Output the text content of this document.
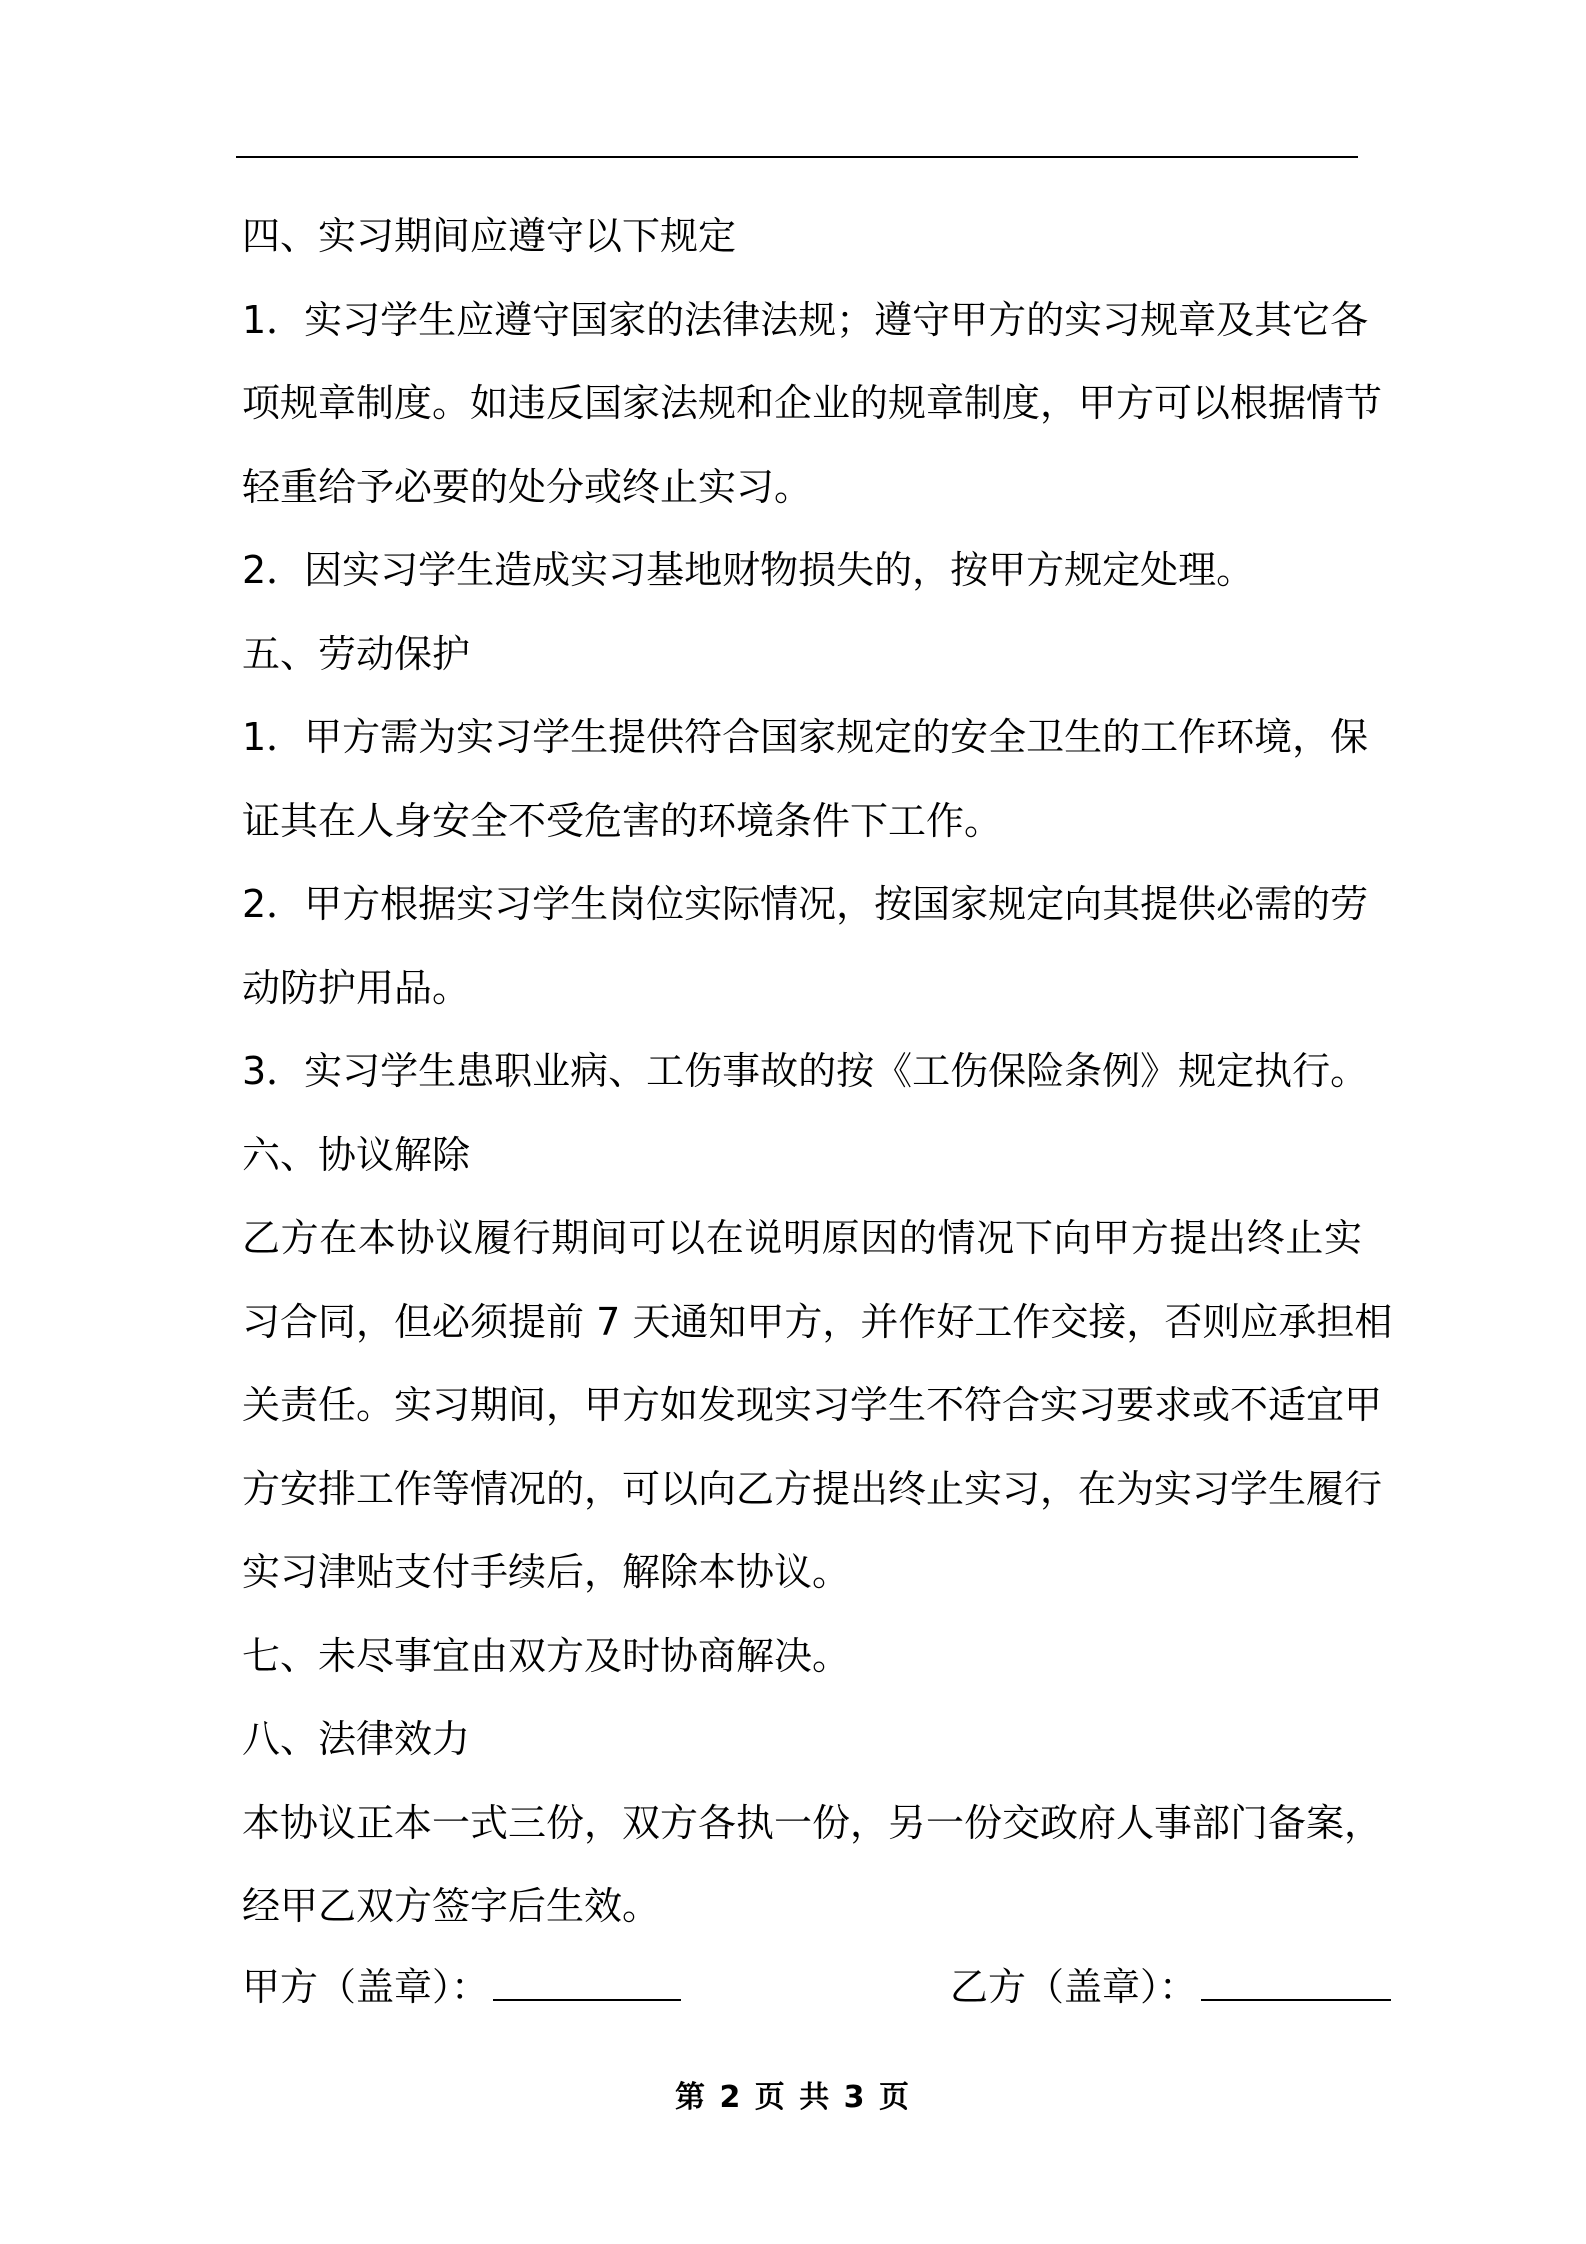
四、实习期间应遵守以下规定

1．实习学生应遵守国家的法律法规；遵守甲方的实习规章及其它各

项规章制度。如违反国家法规和企业的规章制度，甲方可以根据情节

轻重给予必要的处分或终止实习。

2．因实习学生造成实习基地财物损失的，按甲方规定处理。

五、劳动保护

1．甲方需为实习学生提供符合国家规定的安全卫生的工作环境，保

证其在人身安全不受危害的环境条件下工作。

2．甲方根据实习学生岗位实际情况，按国家规定向其提供必需的劳

动防护用品。

3．实习学生患职业病、工伤事故的按《工伤保险条例》规定执行。

六、协议解除

乙方在本协议履行期间可以在说明原因的情况下向甲方提出终止实

习合同，但必须提前 7 天通知甲方，并作好工作交接，否则应承担相

关责任。实习期间，甲方如发现实习学生不符合实习要求或不适宜甲

方安排工作等情况的，可以向乙方提出终止实习，在为实习学生履行

实习津贴支付手续后，解除本协议。

七、未尽事宜由双方及时协商解决。

八、法律效力

本协议正本一式三份，双方各执一份，另一份交政府人事部门备案，

经甲乙双方签字后生效。

甲方（盖章）：	乙方（盖章）：
第 2 页 共 3 页
